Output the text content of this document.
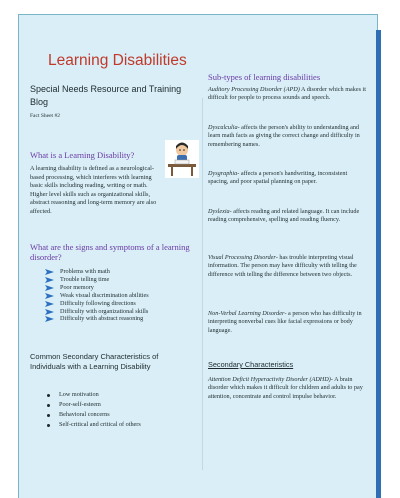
Learning Disabilities
Special Needs Resource and Training Blog
Fact Sheet #2
What is a Learning Disability?
A learning disability is defined as a neurological-based processing, which interferes with learning basic skills including reading, writing or math. Higher level skills such as organizational skills, abstract reasoning and long-term memory are also affected.
What are the signs and symptoms of a learning disorder?
Problems with math
Trouble telling time
Poor memory
Weak visual discrimination abilities
Difficulty following directions
Difficulty with organizational skills
Difficulty with abstract reasoning
Common Secondary Characteristics of Individuals with a Learning Disability
Low motivation
Poor-self-esteem
Behavioral concerns
Self-critical and critical of others
Sub-types of learning disabilities
Auditory Processing Disorder (APD) A disorder which makes it difficult for people to process sounds and speech.
Dyscalculia- affects the person's ability to understanding and learn math facts as giving the correct change and difficulty in remembering names.
Dysgraphia- affects a person's handwriting, inconsistent spacing, and poor spatial planning on paper.
Dyslexia- affects reading and related language. It can include reading comprehensive, spelling and reading fluency.
Visual Processing Disorder- has trouble interpreting visual information. The person may have difficulty with telling the difference with telling the difference between two objects.
Non-Verbal Learning Disorder- a person who has difficulty in interpreting nonverbal cues like facial expressions or body language.
Secondary Characteristics
Attention Deficit Hyperactivity Disorder (ADHD)- A brain disorder which makes it difficult for children and adults to pay attention, concentrate and control impulse behavior.
